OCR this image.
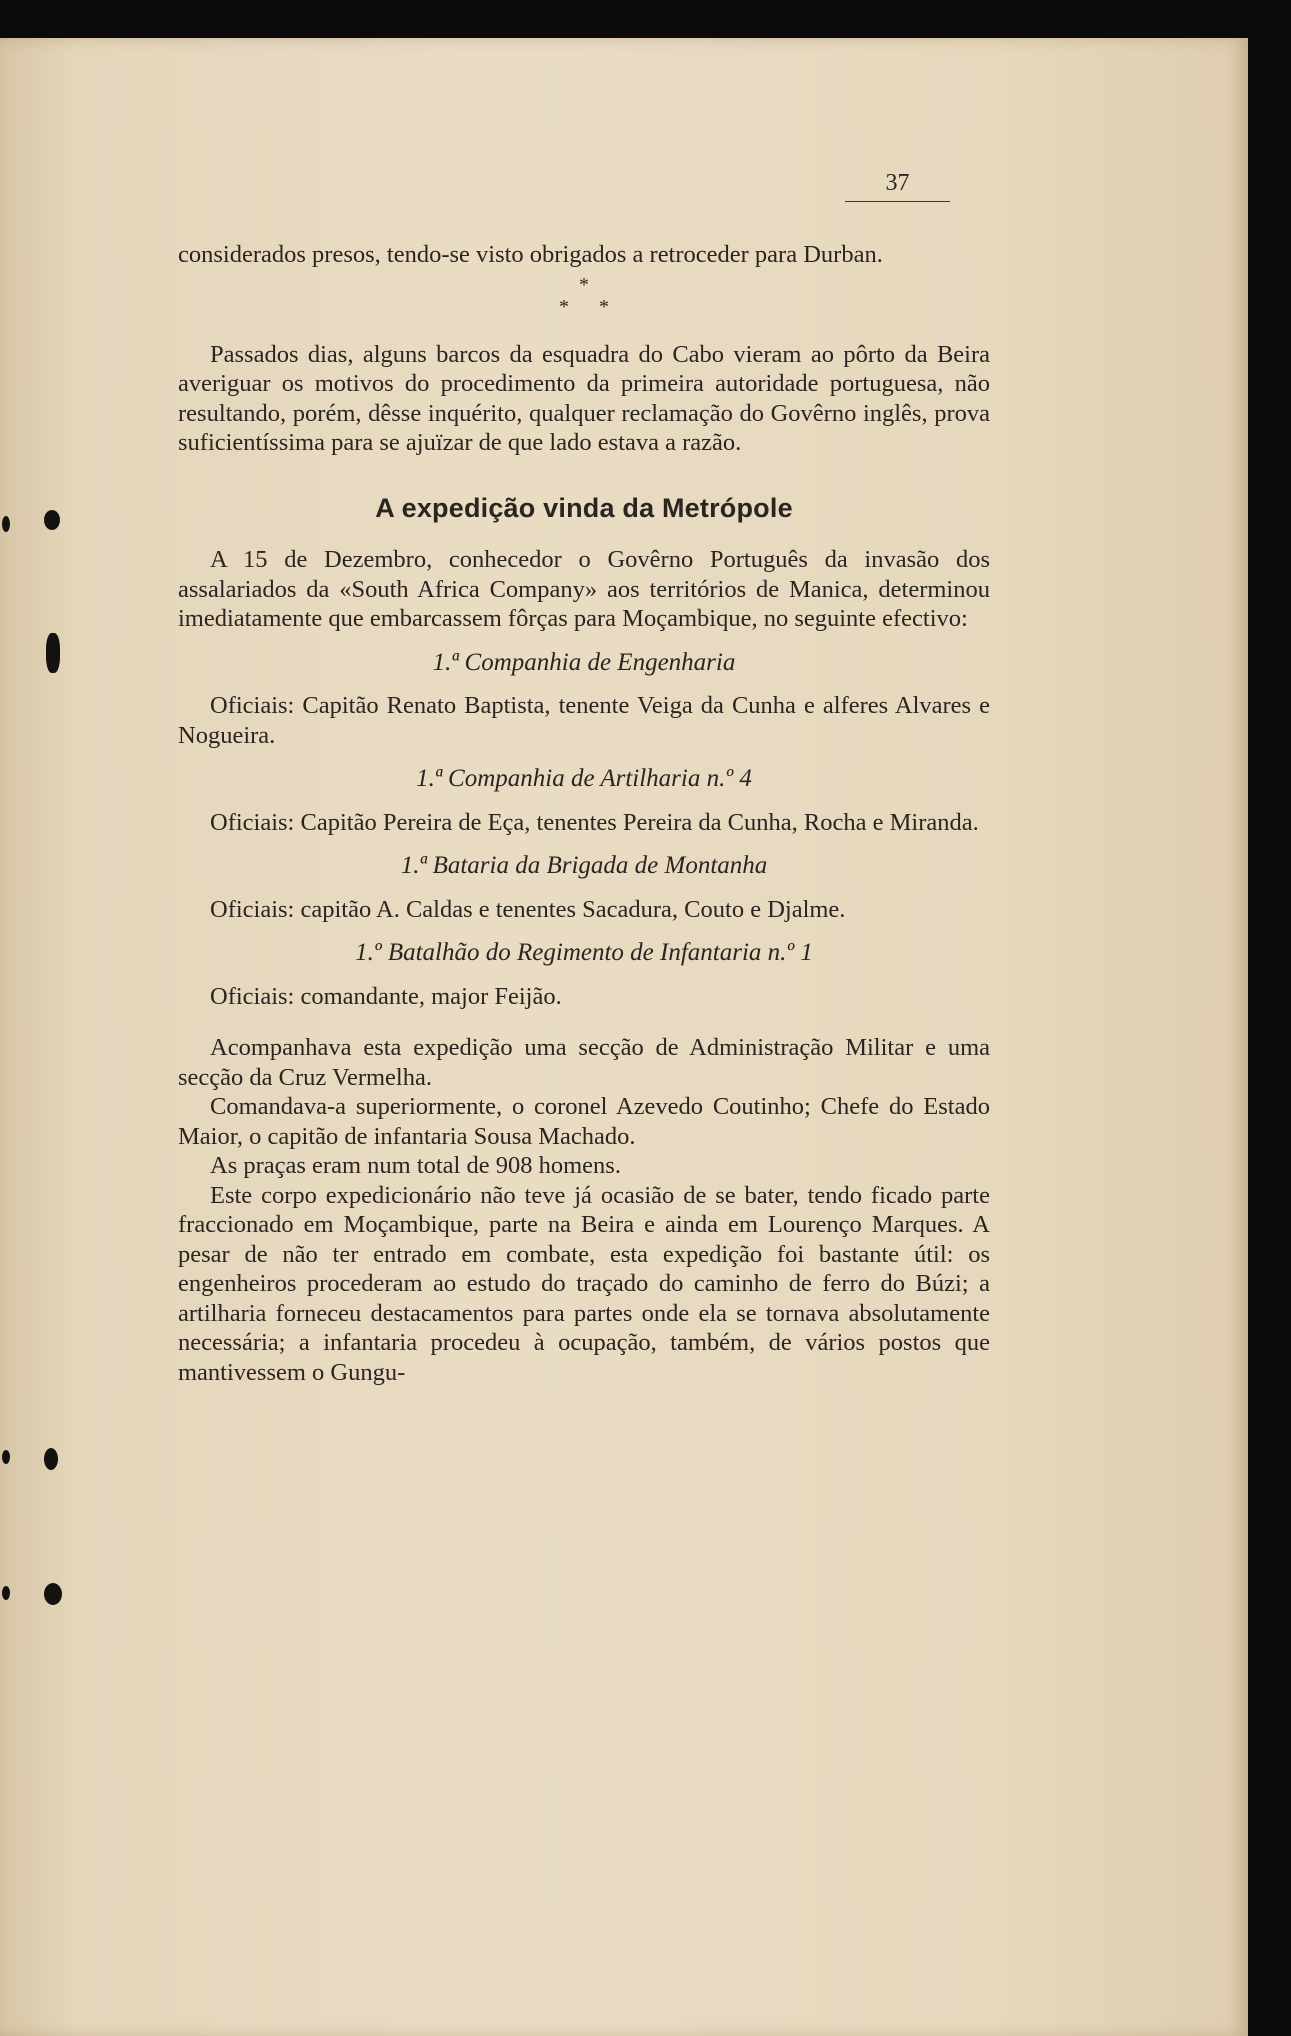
37

considerados presos, tendo-se visto obrigados a retroceder para Durban.

*

*      *

Passados dias, alguns barcos da esquadra do Cabo vieram ao pôrto da Beira averiguar os motivos do procedimento da primeira autoridade portuguesa, não resultando, porém, dêsse inquérito, qualquer reclamação do Govêrno inglês, prova suficientíssima para se ajuïzar de que lado estava a razão.

A expedição vinda da Metrópole

A 15 de Dezembro, conhecedor o Govêrno Português da invasão dos assalariados da «South Africa Company» aos territórios de Manica, determinou imediatamente que embarcassem fôrças para Moçambique, no seguinte efectivo:

1.ª Companhia de Engenharia

Oficiais: Capitão Renato Baptista, tenente Veiga da Cunha e alferes Alvares e Nogueira.

1.ª Companhia de Artilharia n.º 4

Oficiais: Capitão Pereira de Eça, tenentes Pereira da Cunha, Rocha e Miranda.

1.ª Bataria da Brigada de Montanha

Oficiais: capitão A. Caldas e tenentes Sacadura, Couto e Djalme.

1.º Batalhão do Regimento de Infantaria n.º 1

Oficiais: comandante, major Feijão.

Acompanhava esta expedição uma secção de Administração Militar e uma secção da Cruz Vermelha.

Comandava-a superiormente, o coronel Azevedo Coutinho; Chefe do Estado Maior, o capitão de infantaria Sousa Machado.

As praças eram num total de 908 homens.

Este corpo expedicionário não teve já ocasião de se bater, tendo ficado parte fraccionado em Moçambique, parte na Beira e ainda em Lourenço Marques. A pesar de não ter entrado em combate, esta expedição foi bastante útil: os engenheiros procederam ao estudo do traçado do caminho de ferro do Búzi; a artilharia forneceu destacamentos para partes onde ela se tornava absolutamente necessária; a infantaria procedeu à ocupação, também, de vários postos que mantivessem o Gungu-
